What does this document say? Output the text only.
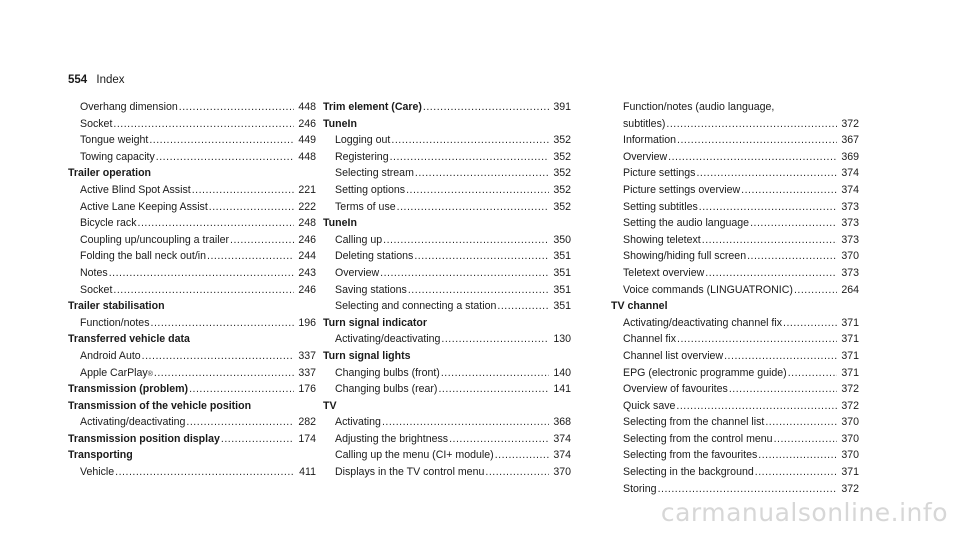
554 Index
Overhang dimension .....	448
Socket .....	246
Tongue weight .....	449
Towing capacity .....	448
Trailer operation
Active Blind Spot Assist .....	221
Active Lane Keeping Assist .....	222
Bicycle rack .....	248
Coupling up/uncoupling a trailer .....	246
Folding the ball neck out/in .....	244
Notes .....	243
Socket .....	246
Trailer stabilisation
Function/notes .....	196
Transferred vehicle data
Android Auto .....	337
Apple CarPlay ® .....	337
Transmission (problem) .....	176
Transmission of the vehicle position
Activating/deactivating .....	282
Transmission position display .....	174
Transporting
Vehicle .....	411
Trim element (Care) .....	391
TuneIn
Logging out .....	352
Registering .....	352
Selecting stream .....	352
Setting options .....	352
Terms of use .....	352
TuneIn
Calling up .....	350
Deleting stations .....	351
Overview .....	351
Saving stations .....	351
Selecting and connecting a station .....	351
Turn signal indicator
Activating/deactivating .....	130
Turn signal lights
Changing bulbs (front) .....	140
Changing bulbs (rear) .....	141
TV
Activating .....	368
Adjusting the brightness .....	374
Calling up the menu (CI+ module) .....	374
Displays in the TV control menu .....	370
Function/notes (audio language,
subtitles) .....	372
Information .....	367
Overview .....	369
Picture settings .....	374
Picture settings overview .....	374
Setting subtitles .....	373
Setting the audio language .....	373
Showing teletext .....	373
Showing/hiding full screen .....	370
Teletext overview .....	373
Voice commands (LINGUATRONIC) .....	264
TV channel
Activating/deactivating channel fix .....	371
Channel fix .....	371
Channel list overview .....	371
EPG (electronic programme guide) .....	371
Overview of favourites .....	372
Quick save .....	372
Selecting from the channel list .....	370
Selecting from the control menu .....	370
Selecting from the favourites .....	370
Selecting in the background .....	371
Storing .....	372
carmanualsonline.info
